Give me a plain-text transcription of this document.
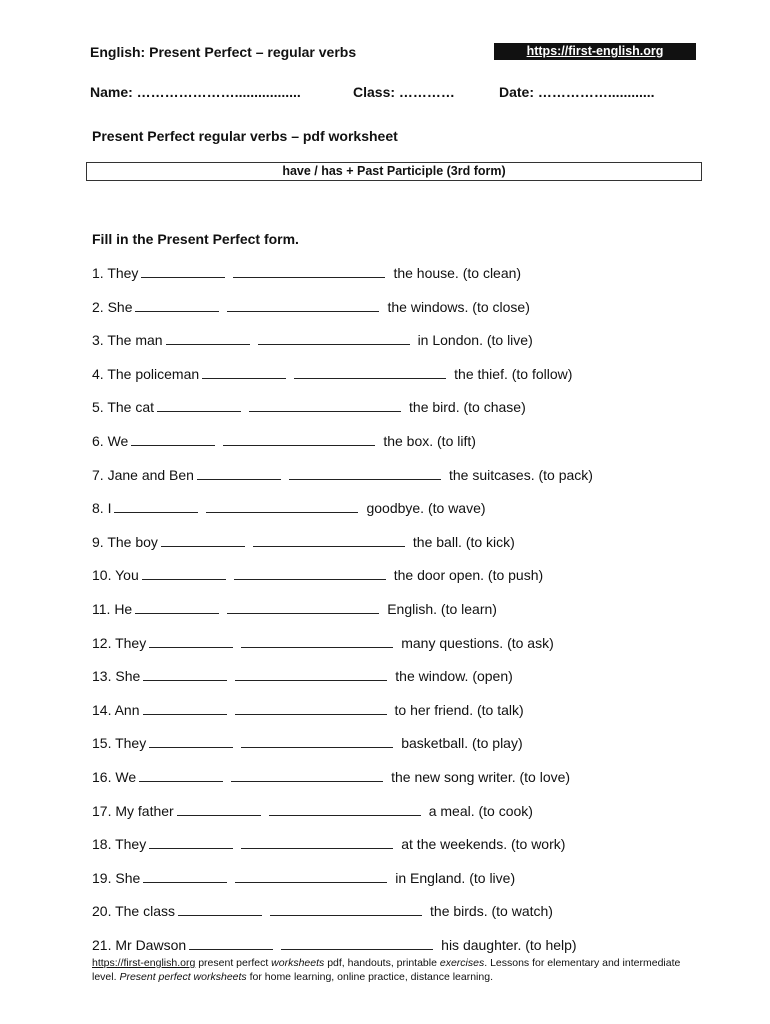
English: Present Perfect – regular verbs	https://first-english.org
Name: ………………….................	Class: …………	Date: ……………............
Present Perfect regular verbs – pdf worksheet
have / has + Past Participle (3rd form)
Fill in the Present Perfect form.
1. They	the house. (to clean)
2. She	the windows. (to close)
3. The man	in London. (to live)
4. The policeman	the thief. (to follow)
5. The cat	the bird. (to chase)
6. We	the box. (to lift)
7. Jane and Ben	the suitcases. (to pack)
8. I	goodbye. (to wave)
9. The boy	the ball. (to kick)
10. You	the door open. (to push)
11. He	English. (to learn)
12. They	many questions. (to ask)
13. She	the window. (open)
14. Ann	to her friend. (to talk)
15. They	basketball. (to play)
16. We	the new song writer. (to love)
17. My father	a meal. (to cook)
18. They	at the weekends. (to work)
19. She	in England. (to live)
20. The class	the birds. (to watch)
21. Mr Dawson	his daughter. (to help)
https://first-english.org present perfect worksheets pdf, handouts, printable exercises. Lessons for elementary and intermediate level. Present perfect worksheets for home learning, online practice, distance learning.
